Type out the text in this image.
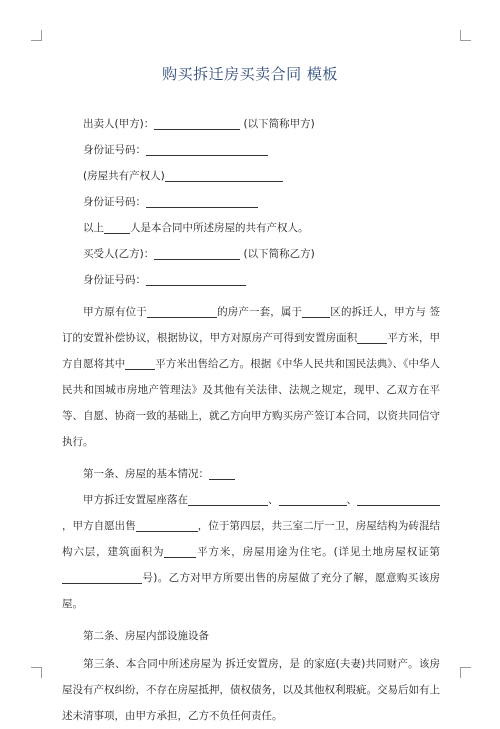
购买拆迁房买卖合同 模板
出卖人(甲方)：	(以下简称甲方)
身份证号码：
(房屋共有产权人)
身份证号码：
以上 人是本合同中所述房屋的共有产权人。
买受人(乙方)：	(以下简称乙方)
身份证号码：
甲方原有位于	的房产一套，属于	区的拆迁人，甲方与 签订的安置补偿协议，根据协议，甲方对原房产可得到安置房面积	平方米，甲方自愿将其中	平方米出售给乙方。根据《中华人民共和国民法典》、《中华人民共和国城市房地产管理法》及其他有关法律、法规之规定，现甲、乙双方在平等、自愿、协商一致的基础上，就乙方向甲方购买房产签订本合同，以资共同信守执行。
第一条、房屋的基本情况：
甲方拆迁安置屋座落在	、	、，甲方自愿出售	，位于第四层，共三室二厅一卫，房屋结构为砖混结构六层，建筑面积为	平方米，房屋用途为住宅。(详见土地房屋权证第号)。乙方对甲方所要出售的房屋做了充分了解，愿意购买该房屋。
第二条、房屋内部设施设备
第三条、本合同中所述房屋为 拆迁安置房，是 的家庭(夫妻)共同财产。该房屋没有产权纠纷，不存在房屋抵押，债权债务，以及其他权利瑕疵。交易后如有上述未清事项，由甲方承担，乙方不负任何责任。
